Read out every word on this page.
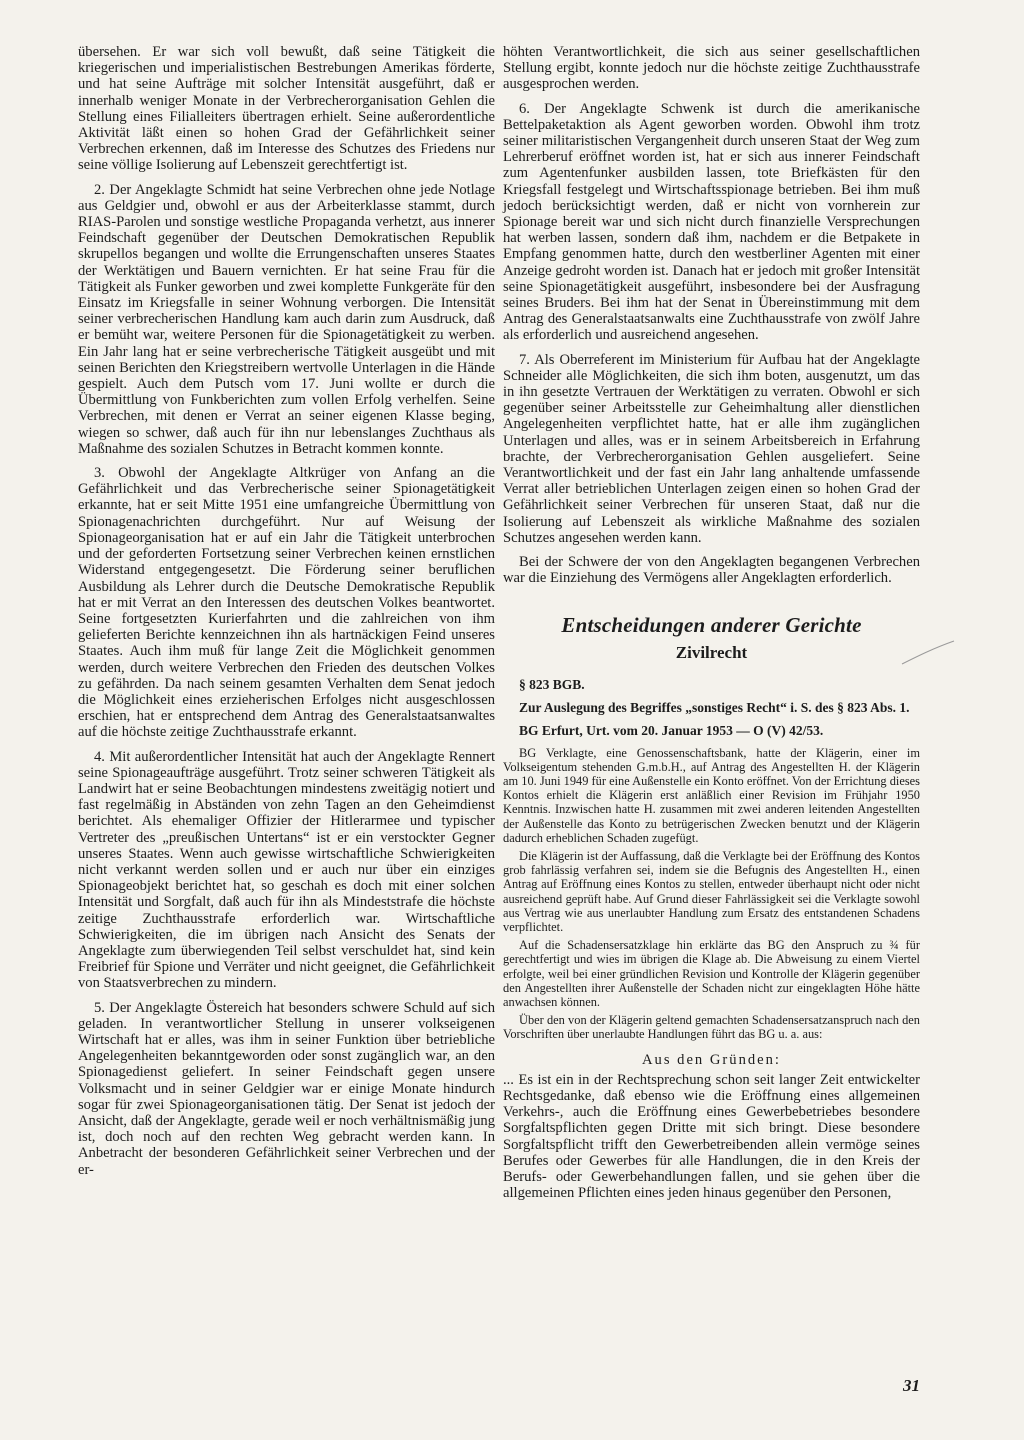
übersehen. Er war sich voll bewußt, daß seine Tätigkeit die kriegerischen und imperialistischen Bestrebungen Amerikas förderte, und hat seine Aufträge mit solcher Intensität ausgeführt, daß er innerhalb weniger Monate in der Verbrecherorganisation Gehlen die Stellung eines Filialleiters übertragen erhielt. Seine außerordentliche Aktivität läßt einen so hohen Grad der Gefährlichkeit seiner Verbrechen erkennen, daß im Interesse des Schutzes des Friedens nur seine völlige Isolierung auf Lebenszeit gerechtfertigt ist.

2. Der Angeklagte Schmidt hat seine Verbrechen ohne jede Notlage aus Geldgier und, obwohl er aus der Arbeiterklasse stammt, durch RIAS-Parolen und sonstige westliche Propaganda verhetzt, aus innerer Feindschaft gegenüber der Deutschen Demokratischen Republik skrupellos begangen und wollte die Errungenschaften unseres Staates der Werktätigen und Bauern vernichten. Er hat seine Frau für die Tätigkeit als Funker geworben und zwei komplette Funkgeräte für den Einsatz im Kriegsfalle in seiner Wohnung verborgen. Die Intensität seiner verbrecherischen Handlung kam auch darin zum Ausdruck, daß er bemüht war, weitere Personen für die Spionagetätigkeit zu werben. Ein Jahr lang hat er seine verbrecherische Tätigkeit ausgeübt und mit seinen Berichten den Kriegstreibern wertvolle Unterlagen in die Hände gespielt. Auch dem Putsch vom 17. Juni wollte er durch die Übermittlung von Funkberichten zum vollen Erfolg verhelfen. Seine Verbrechen, mit denen er Verrat an seiner eigenen Klasse beging, wiegen so schwer, daß auch für ihn nur lebenslanges Zuchthaus als Maßnahme des sozialen Schutzes in Betracht kommen konnte.

3. Obwohl der Angeklagte Altkrüger von Anfang an die Gefährlichkeit und das Verbrecherische seiner Spionagetätigkeit erkannte, hat er seit Mitte 1951 eine umfangreiche Übermittlung von Spionagenachrichten durchgeführt. Nur auf Weisung der Spionageorganisation hat er auf ein Jahr die Tätigkeit unterbrochen und der geforderten Fortsetzung seiner Verbrechen keinen ernstlichen Widerstand entgegengesetzt. Die Förderung seiner beruflichen Ausbildung als Lehrer durch die Deutsche Demokratische Republik hat er mit Verrat an den Interessen des deutschen Volkes beantwortet. Seine fortgesetzten Kurierfahrten und die zahlreichen von ihm gelieferten Berichte kennzeichnen ihn als hartnäckigen Feind unseres Staates. Auch ihm muß für lange Zeit die Möglichkeit genommen werden, durch weitere Verbrechen den Frieden des deutschen Volkes zu gefährden. Da nach seinem gesamten Verhalten dem Senat jedoch die Möglichkeit eines erzieherischen Erfolges nicht ausgeschlossen erschien, hat er entsprechend dem Antrag des Generalstaatsanwaltes auf die höchste zeitige Zuchthausstrafe erkannt.

4. Mit außerordentlicher Intensität hat auch der Angeklagte Rennert seine Spionageaufträge ausgeführt. Trotz seiner schweren Tätigkeit als Landwirt hat er seine Beobachtungen mindestens zweitägig notiert und fast regelmäßig in Abständen von zehn Tagen an den Geheimdienst berichtet. Als ehemaliger Offizier der Hitlerarmee und typischer Vertreter des „preußischen Untertans“ ist er ein verstockter Gegner unseres Staates. Wenn auch gewisse wirtschaftliche Schwierigkeiten nicht verkannt werden sollen und er auch nur über ein einziges Spionageobjekt berichtet hat, so geschah es doch mit einer solchen Intensität und Sorgfalt, daß auch für ihn als Mindeststrafe die höchste zeitige Zuchthausstrafe erforderlich war. Wirtschaftliche Schwierigkeiten, die im übrigen nach Ansicht des Senats der Angeklagte zum überwiegenden Teil selbst verschuldet hat, sind kein Freibrief für Spione und Verräter und nicht geeignet, die Gefährlichkeit von Staatsverbrechen zu mindern.

5. Der Angeklagte Östereich hat besonders schwere Schuld auf sich geladen. In verantwortlicher Stellung in unserer volkseigenen Wirtschaft hat er alles, was ihm in seiner Funktion über betriebliche Angelegenheiten bekanntgeworden oder sonst zugänglich war, an den Spionagedienst geliefert. In seiner Feindschaft gegen unsere Volksmacht und in seiner Geldgier war er einige Monate hindurch sogar für zwei Spionageorganisationen tätig. Der Senat ist jedoch der Ansicht, daß der Angeklagte, gerade weil er noch verhältnismäßig jung ist, doch noch auf den rechten Weg gebracht werden kann. In Anbetracht der besonderen Gefährlichkeit seiner Verbrechen und der er-

höhten Verantwortlichkeit, die sich aus seiner gesellschaftlichen Stellung ergibt, konnte jedoch nur die höchste zeitige Zuchthausstrafe ausgesprochen werden.

6. Der Angeklagte Schwenk ist durch die amerikanische Bettelpaketaktion als Agent geworben worden. Obwohl ihm trotz seiner militaristischen Vergangenheit durch unseren Staat der Weg zum Lehrerberuf eröffnet worden ist, hat er sich aus innerer Feindschaft zum Agentenfunker ausbilden lassen, tote Briefkästen für den Kriegsfall festgelegt und Wirtschaftsspionage betrieben. Bei ihm muß jedoch berücksichtigt werden, daß er nicht von vornherein zur Spionage bereit war und sich nicht durch finanzielle Versprechungen hat werben lassen, sondern daß ihm, nachdem er die Betpakete in Empfang genommen hatte, durch den westberliner Agenten mit einer Anzeige gedroht worden ist. Danach hat er jedoch mit großer Intensität seine Spionagetätigkeit ausgeführt, insbesondere bei der Ausfragung seines Bruders. Bei ihm hat der Senat in Übereinstimmung mit dem Antrag des Generalstaatsanwalts eine Zuchthausstrafe von zwölf Jahre als erforderlich und ausreichend angesehen.

7. Als Oberreferent im Ministerium für Aufbau hat der Angeklagte Schneider alle Möglichkeiten, die sich ihm boten, ausgenutzt, um das in ihn gesetzte Vertrauen der Werktätigen zu verraten. Obwohl er sich gegenüber seiner Arbeitsstelle zur Geheimhaltung aller dienstlichen Angelegenheiten verpflichtet hatte, hat er alle ihm zugänglichen Unterlagen und alles, was er in seinem Arbeitsbereich in Erfahrung brachte, der Verbrecherorganisation Gehlen ausgeliefert. Seine Verantwortlichkeit und der fast ein Jahr lang anhaltende umfassende Verrat aller betrieblichen Unterlagen zeigen einen so hohen Grad der Gefährlichkeit seiner Verbrechen für unseren Staat, daß nur die Isolierung auf Lebenszeit als wirkliche Maßnahme des sozialen Schutzes angesehen werden kann.

Bei der Schwere der von den Angeklagten begangenen Verbrechen war die Einziehung des Vermögens aller Angeklagten erforderlich.

Entscheidungen anderer Gerichte
Zivilrecht
§ 823 BGB.
Zur Auslegung des Begriffes „sonstiges Recht“ i. S. des § 823 Abs. 1.
BG Erfurt, Urt. vom 20. Januar 1953 — O (V) 42/53.

BG Verklagte, eine Genossenschaftsbank, hatte der Klägerin, einer im Volkseigentum stehenden G.m.b.H., auf Antrag des Angestellten H. der Klägerin am 10. Juni 1949 für eine Außenstelle ein Konto eröffnet. Von der Errichtung dieses Kontos erhielt die Klägerin erst anläßlich einer Revision im Frühjahr 1950 Kenntnis. Inzwischen hatte H. zusammen mit zwei anderen leitenden Angestellten der Außenstelle das Konto zu betrügerischen Zwecken benutzt und der Klägerin dadurch erheblichen Schaden zugefügt.

Die Klägerin ist der Auffassung, daß die Verklagte bei der Eröffnung des Kontos grob fahrlässig verfahren sei, indem sie die Befugnis des Angestellten H., einen Antrag auf Eröffnung eines Kontos zu stellen, entweder überhaupt nicht oder nicht ausreichend geprüft habe. Auf Grund dieser Fahrlässigkeit sei die Verklagte sowohl aus Vertrag wie aus unerlaubter Handlung zum Ersatz des entstandenen Schadens verpflichtet.

Auf die Schadensersatzklage hin erklärte das BG den Anspruch zu ¾ für gerechtfertigt und wies im übrigen die Klage ab. Die Abweisung zu einem Viertel erfolgte, weil bei einer gründlichen Revision und Kontrolle der Klägerin gegenüber den Angestellten ihrer Außenstelle der Schaden nicht zur eingeklagten Höhe hätte anwachsen können.

Über den von der Klägerin geltend gemachten Schadensersatzanspruch nach den Vorschriften über unerlaubte Handlungen führt das BG u. a. aus:

Aus den Gründen:

... Es ist ein in der Rechtsprechung schon seit langer Zeit entwickelter Rechtsgedanke, daß ebenso wie die Eröffnung eines allgemeinen Verkehrs-, auch die Eröffnung eines Gewerbebetriebes besondere Sorgfaltspflichten gegen Dritte mit sich bringt. Diese besondere Sorgfaltspflicht trifft den Gewerbetreibenden allein vermöge seines Berufes oder Gewerbes für alle Handlungen, die in den Kreis der Berufs- oder Gewerbehandlungen fallen, und sie gehen über die allgemeinen Pflichten eines jeden hinaus gegenüber den Personen,

31
